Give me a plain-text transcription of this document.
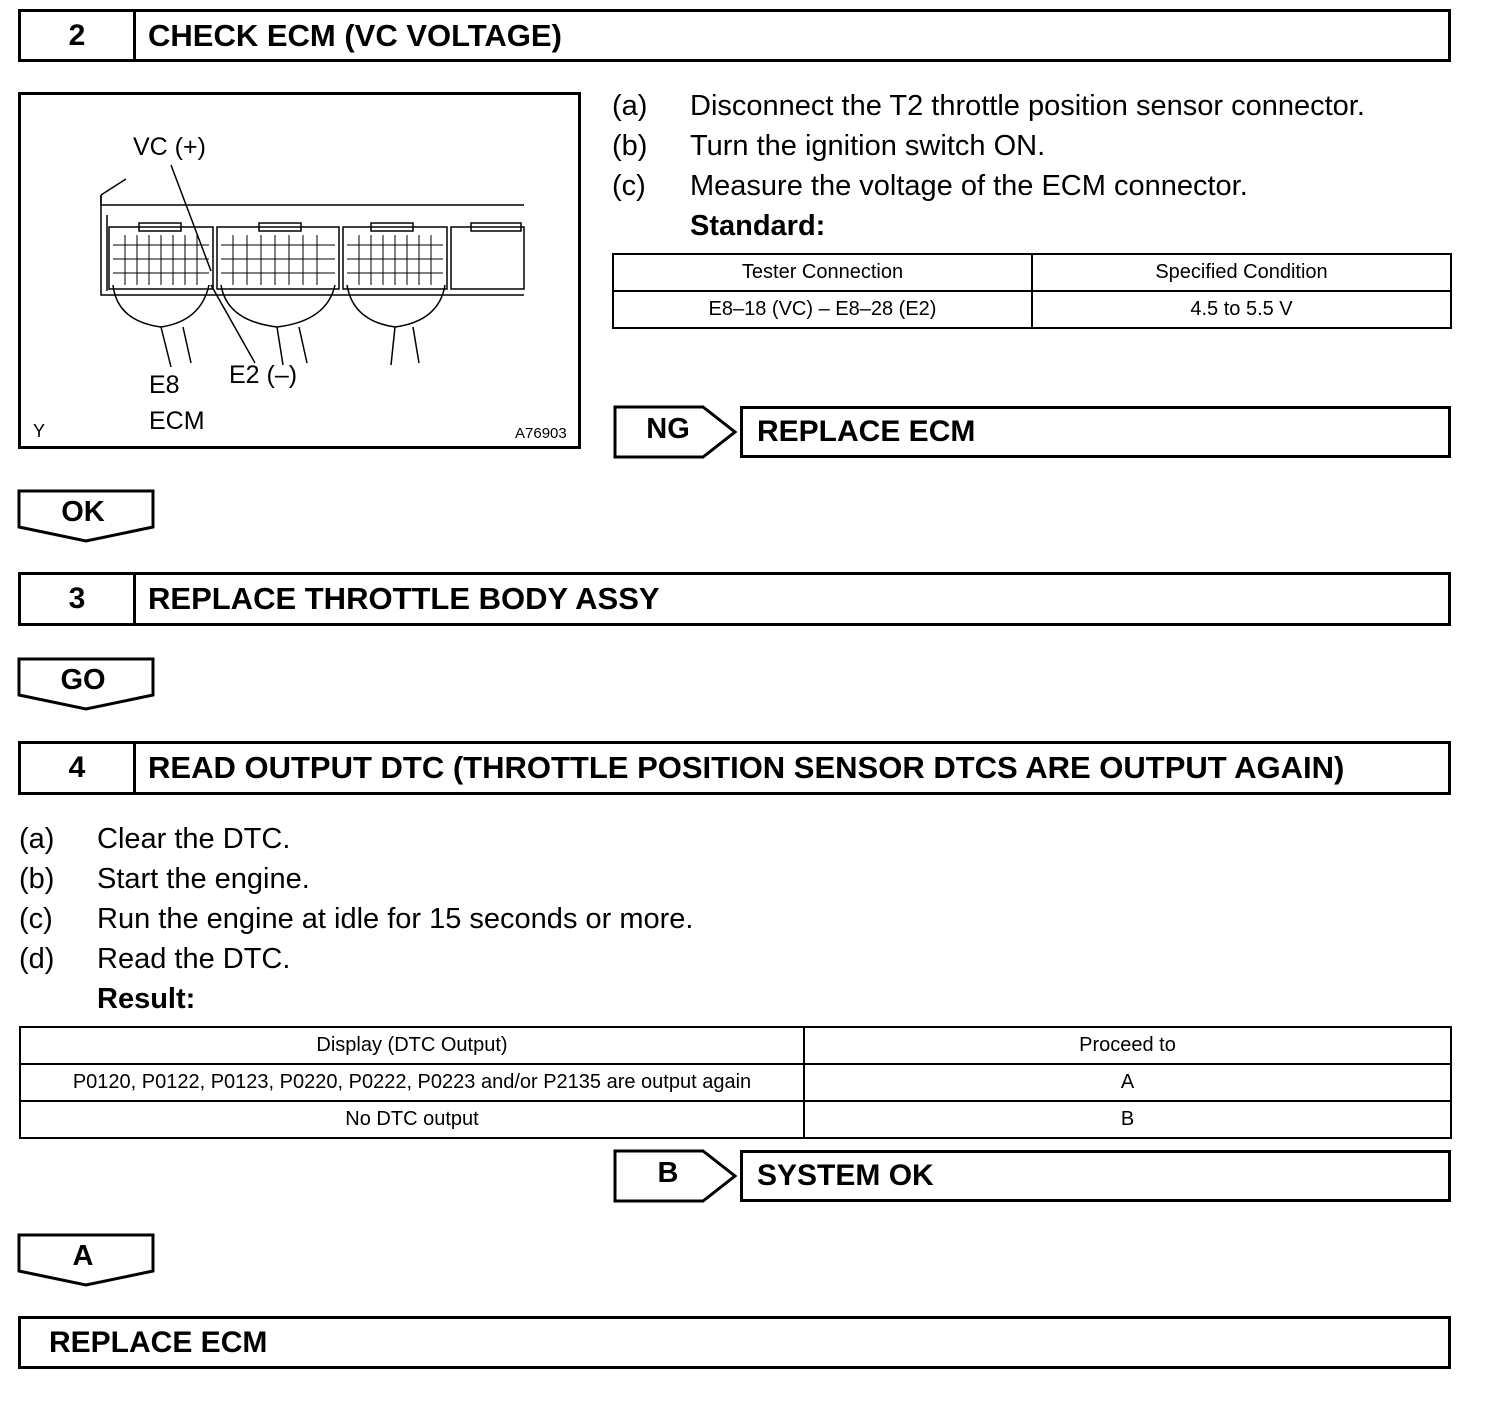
2	CHECK ECM (VC VOLTAGE)
VC (+)
E2 (–)
E8
ECM
Y	A76903
(a)	Disconnect the T2 throttle position sensor connector.
(b)	Turn the ignition switch ON.
(c)	Measure the voltage of the ECM connector.
Standard:
Tester Connection	Specified Condition
E8–18 (VC) – E8–28 (E2)	4.5 to 5.5 V
NG	REPLACE ECM
OK
3	REPLACE THROTTLE BODY ASSY
GO
4	READ OUTPUT DTC (THROTTLE POSITION SENSOR DTCS ARE OUTPUT AGAIN)
(a)	Clear the DTC.
(b)	Start the engine.
(c)	Run the engine at idle for 15 seconds or more.
(d)	Read the DTC.
Result:
Display (DTC Output)	Proceed to
P0120, P0122, P0123, P0220, P0222, P0223 and/or P2135 are output again	A
No DTC output	B
B	SYSTEM OK
A
REPLACE ECM
